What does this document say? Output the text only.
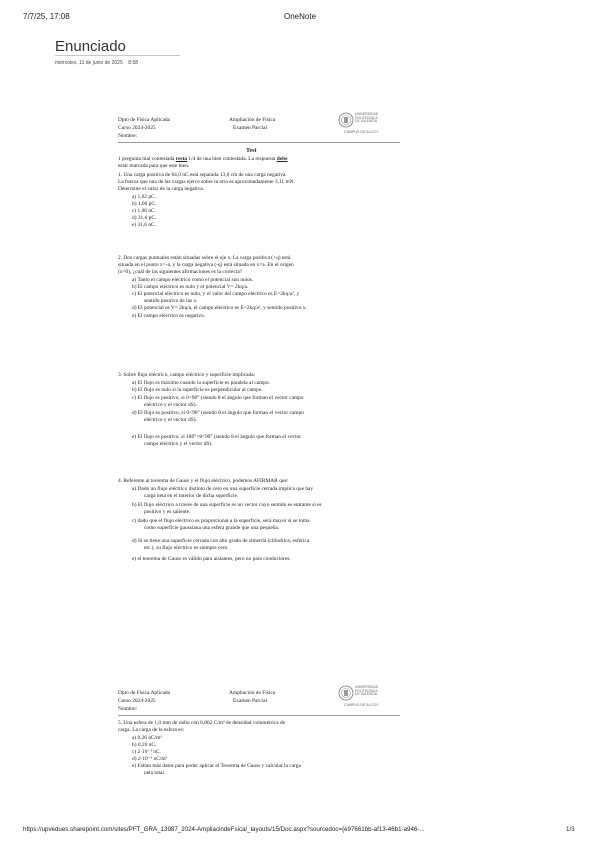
7/7/25, 17:08	OneNote
Enunciado
miércoles, 11 de junio de 2025 8:58
Dpto de Física Aplicada
Curso 2024-2025
Nombre:
Ampliación de Física
Examen Parcial
UNIVERSIDAD
POLITECNICA
DE VALENCIA
CAMPUS DE ALCOY
Test
1 pregunta mal contestada resta 1/4 de una bien contestada. La respuesta debe
estar marcada para que este bien.
1. Una carga positiva de 64,0 nC está separada 13,0 cm de una carga negativa.
La fuerza que una de las cargas ejerce sobre la otra es aproximadamente 3,11 mN.
Determine el valor de la carga negativa.
a) 1,02 pC.
b) 1,06 pC.
c) 1,06 nC.
d) 31,6 pC.
e) 31,6 nC.
2. Dos cargas puntuales están situadas sobre el eje x. La carga positiva (+q) está
situada en el punto x=-a, y la carga negativa (-q) está situada en x=a. En el origen
(x=0), ¿cuál de las siguientes afirmaciones es la correcta?
a) Tanto el campo eléctrico como el potencial son nulos.
b) El campo eléctrico es nulo y el potencial V= 2kq/a.
c) El potencial eléctrico es nulo, y el valor del campo eléctrico es E=2kq/a², y
sentido positivo de las x.
d) El potencial es V= 2kq/a, el campo eléctrico es E=2kq/a², y sentido positivo x.
e) El campo eléctrico es negativo.
3. Sobre flujo eléctrico, campo eléctrico y superficie implicada:
a) El flujo es máximo cuando la superficie es paralela al campo.
b) El flujo es nulo si la superficie es perpendicular al campo.
c) El flujo es positivo, si 0<90° (siendo θ el ángulo que forman el vector campo
eléctrico y el vector dS).
d) El flujo es positivo, si 0<90° (siendo θ el ángulo que forman el vector campo
eléctrico y el vector dS).
e) El flujo es positivo, si 180°<θ<90° (siendo θ el ángulo que forman el vector
campo eléctrico y el vector dS).
4. Referente al teorema de Gauss y el flujo eléctrico, podemos AFIRMAR que:
a) Dado un flujo eléctrico distinto de cero en una superficie cerrada implica que hay
carga neta en el interior de dicha superficie.
b) El flujo eléctrico a través de una superficie es un vector cuyo sentido es entrante si es
positivo y es saliente.
c) dado que el flujo eléctrico es proporcional a la superficie, será mayor si se toma
como superficie gaussiana una esfera grande que una pequeña.
d) Si se tiene una superficie cerrada con alto grado de simetría (cilíndrica, esférica
etc.), su flujo eléctrico es siempre cero.
e) el teorema de Gauss es válido para aislantes, pero no para conductores.
Dpto de Física Aplicada
Curso 2024-2025
Nombre:
Ampliación de Física
Examen Parcial
UNIVERSIDAD
POLITECNICA
DE VALENCIA
CAMPUS DE ALCOY
5. Una esfera de 1,0 mm de radio con 0,802 C/m³ de densidad volumétrica de
carga. La carga de la esfera es:
a) 0,26 nC/m³
b) 0,26 nC.
c) 2·10⁻³ nC.
d) 2·10⁻³ nC/m³
e) Faltan más datos para poder aplicar el Teorema de Gauss y calcular la carga
neta total.
https://upvedues.sharepoint.com/sites/PFT_GRA_13987_2024-AmpliacindeFsica/_layouts/15/Doc.aspx?sourcedoc={e97661bb-af13-46b1-a946-...	1/3
